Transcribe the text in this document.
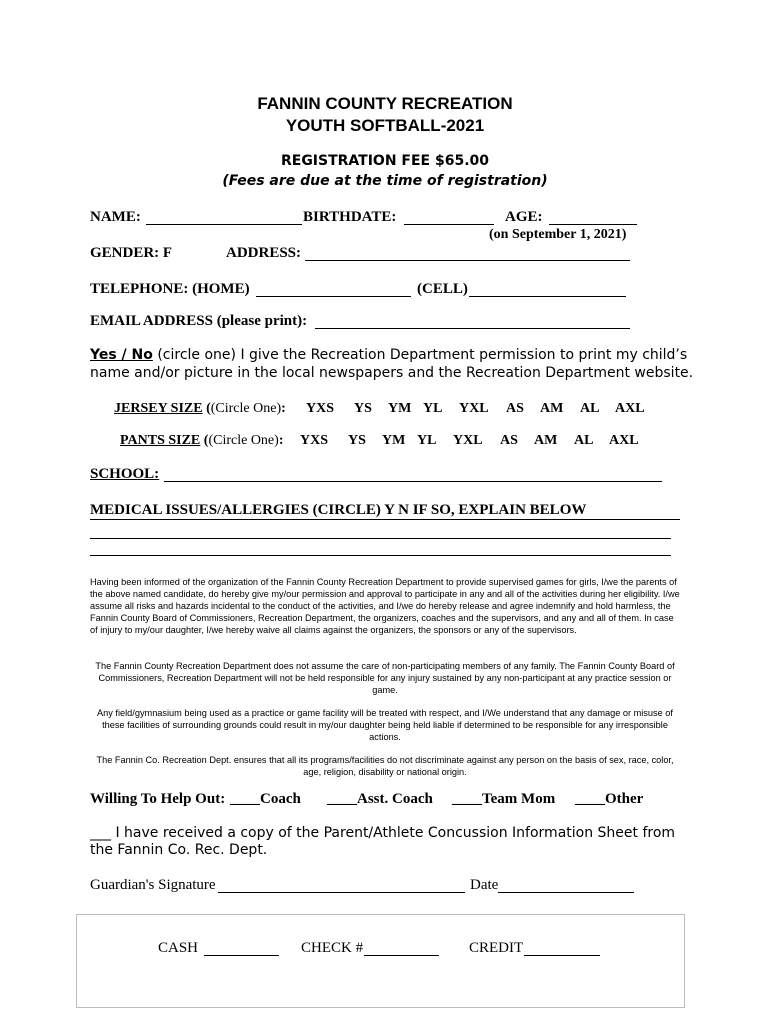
FANNIN COUNTY RECREATION
YOUTH SOFTBALL-2021
REGISTRATION FEE $65.00
(Fees are due at the time of registration)
NAME:	BIRTHDATE:	AGE:
(on September 1, 2021)
GENDER: F	ADDRESS:
TELEPHONE: (HOME)	(CELL)
EMAIL ADDRESS (please print):
Yes / No (circle one) I give the Recreation Department permission to print my child’s
name and/or picture in the local newspapers and the Recreation Department website.
JERSEY SIZE ((Circle One): YXS YS YM YL YXL AS AM AL AXL
PANTS SIZE ((Circle One): YXS YS YM YL YXL AS AM AL AXL
SCHOOL:
MEDICAL ISSUES/ALLERGIES (CIRCLE) Y N IF SO, EXPLAIN BELOW
Having been informed of the organization of the Fannin County Recreation Department to provide supervised games for girls, I/we the parents of the above named candidate, do hereby give my/our permission and approval to participate in any and all of the activities during her eligibility. I/we assume all risks and hazards incidental to the conduct of the activities, and I/we do hereby release and agree indemnify and hold harmless, the Fannin County Board of Commissioners, Recreation Department, the organizers, coaches and the supervisors, and any and all of them. In case of injury to my/our daughter, I/we hereby waive all claims against the organizers, the sponsors or any of the supervisors.
The Fannin County Recreation Department does not assume the care of non-participating members of any family. The Fannin County Board of Commissioners, Recreation Department will not be held responsible for any injury sustained by any non-participant at any practice session or game.
Any field/gymnasium being used as a practice or game facility will be treated with respect, and I/We understand that any damage or misuse of these facilities of surrounding grounds could result in my/our daughter being held liable if determined to be responsible for any irresponsible actions.
The Fannin Co. Recreation Dept. ensures that all its programs/facilities do not discriminate against any person on the basis of sex, race, color, age, religion, disability or national origin.
Willing To Help Out: ____Coach ____Asst. Coach ____Team Mom ____Other
___ I have received a copy of the Parent/Athlete Concussion Information Sheet from
the Fannin Co. Rec. Dept.
Guardian's Signature	Date
CASH	CHECK #	CREDIT
